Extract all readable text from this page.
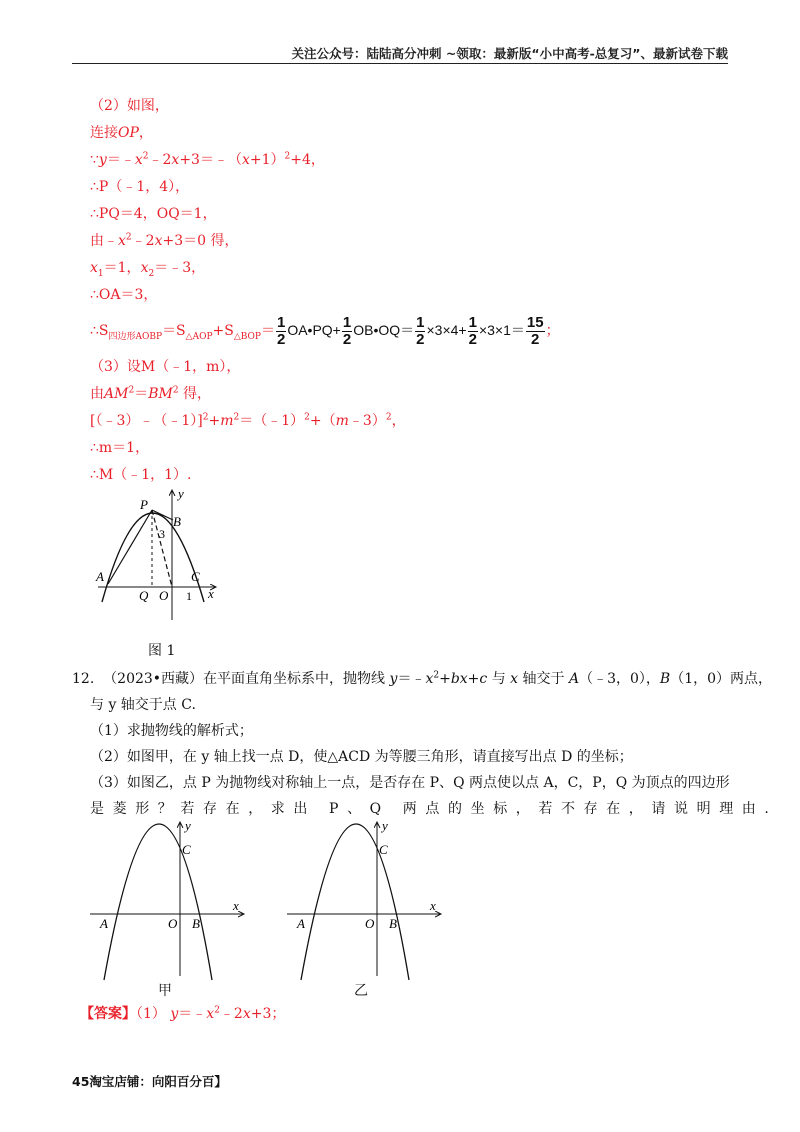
关注公众号：陆陆高分冲刺 ~领取：最新版“小中高考-总复习”、最新试卷下载
（2）如图，
连接OP，
$\because y=﹣x^2﹣2x+3=﹣(x+1)^2+4$，
∴P（﹣1，4），
∴PQ＝4，OQ＝1，
由$﹣x^2﹣2x+3=0$ 得，
$x_1=1$，$x_2=﹣3$，
∴OA＝3，
$\therefore S_{四边形AOBP}=S_{\triangle AOP}+S_{\triangle BOP}= \frac{1}{2}$ OA•PQ+ $\frac{1}{2}$ OB•OQ＝ $\frac{1}{2} \times 3\times 4+ \frac{1}{2} \times 3\times 1= \frac{15}{2}$ ；
（3）设M（﹣1，m），
由$AM^2=BM^2$ 得，
$[(﹣3)﹣(﹣1)]^2+m^2=(﹣1)^2+(m﹣3)^2$，
∴m＝1，
∴M（﹣1，1）.
P
B
3
A	C
Q O 1 x
y
图 1
12. （2023•西藏）在平面直角坐标系中，抛物线 $y=﹣x^2+bx+c$ 与 x 轴交于 A（﹣3，0），B（1，0）两点，
与 y 轴交于点 C.
（1）求抛物线的解析式；
（2）如图甲，在 y 轴上找一点 D，使△ACD 为等腰三角形，请直接写出点 D 的坐标；
（3）如图乙，点 P 为抛物线对称轴上一点，是否存在 P、Q 两点使以点 A，C，P，Q 为顶点的四边形
是菱形？若存在，求出 P、Q 两点的坐标，若不存在，请说明理由.
y
C
x
A	O B
甲
y
C
x
A	O B
乙
【答案】（1） $y=﹣x^2﹣2x+3$；
45淘宝店铺：向阳百分百】
